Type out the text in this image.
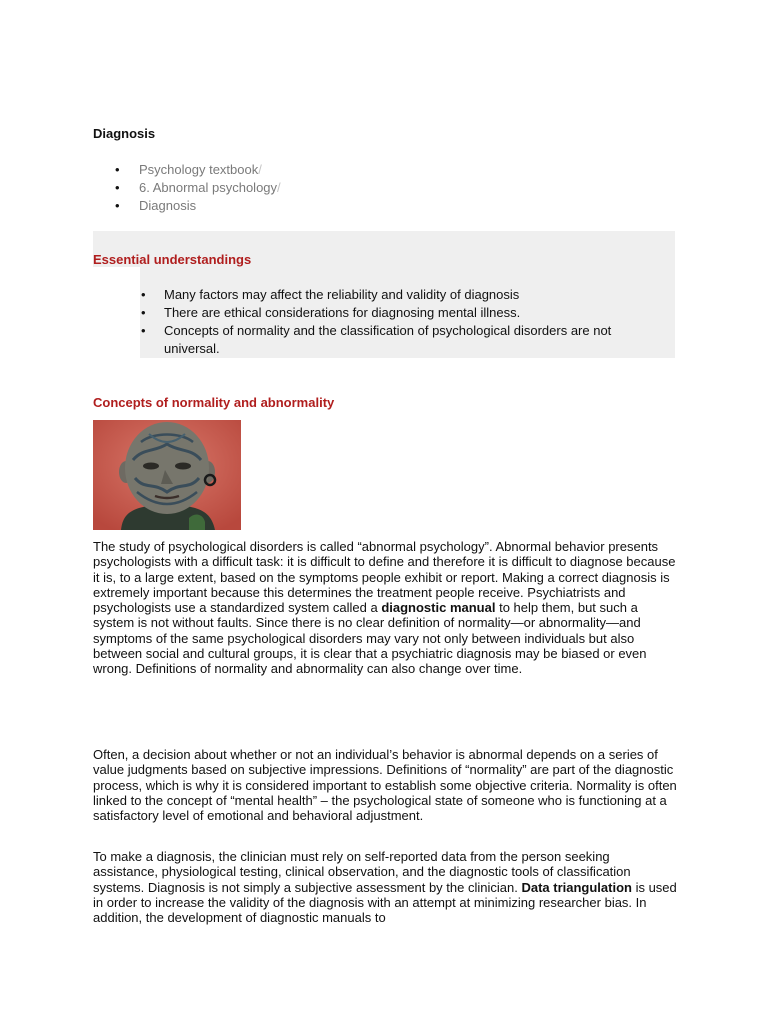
Diagnosis
• Psychology textbook/
• 6. Abnormal psychology/
• Diagnosis
Essential understandings
• Many factors may affect the reliability and validity of diagnosis
• There are ethical considerations for diagnosing mental illness.
• Concepts of normality and the classification of psychological disorders are not universal.
Concepts of normality and abnormality

The study of psychological disorders is called “abnormal psychology”. Abnormal behavior presents psychologists with a difficult task: it is difficult to define and therefore it is difficult to diagnose because it is, to a large extent, based on the symptoms people exhibit or report. Making a correct diagnosis is extremely important because this determines the treatment people receive. Psychiatrists and psychologists use a standardized system called a diagnostic manual to help them, but such a system is not without faults. Since there is no clear definition of normality—or abnormality—and symptoms of the same psychological disorders may vary not only between individuals but also between social and cultural groups, it is clear that a psychiatric diagnosis may be biased or even wrong. Definitions of normality and abnormality can also change over time.

Often, a decision about whether or not an individual’s behavior is abnormal depends on a series of value judgments based on subjective impressions. Definitions of “normality” are part of the diagnostic process, which is why it is considered important to establish some objective criteria. Normality is often linked to the concept of “mental health” – the psychological state of someone who is functioning at a satisfactory level of emotional and behavioral adjustment.

To make a diagnosis, the clinician must rely on self-reported data from the person seeking assistance, physiological testing, clinical observation, and the diagnostic tools of classification systems. Diagnosis is not simply a subjective assessment by the clinician. Data triangulation is used in order to increase the validity of the diagnosis with an attempt at minimizing researcher bias. In addition, the development of diagnostic manuals to
